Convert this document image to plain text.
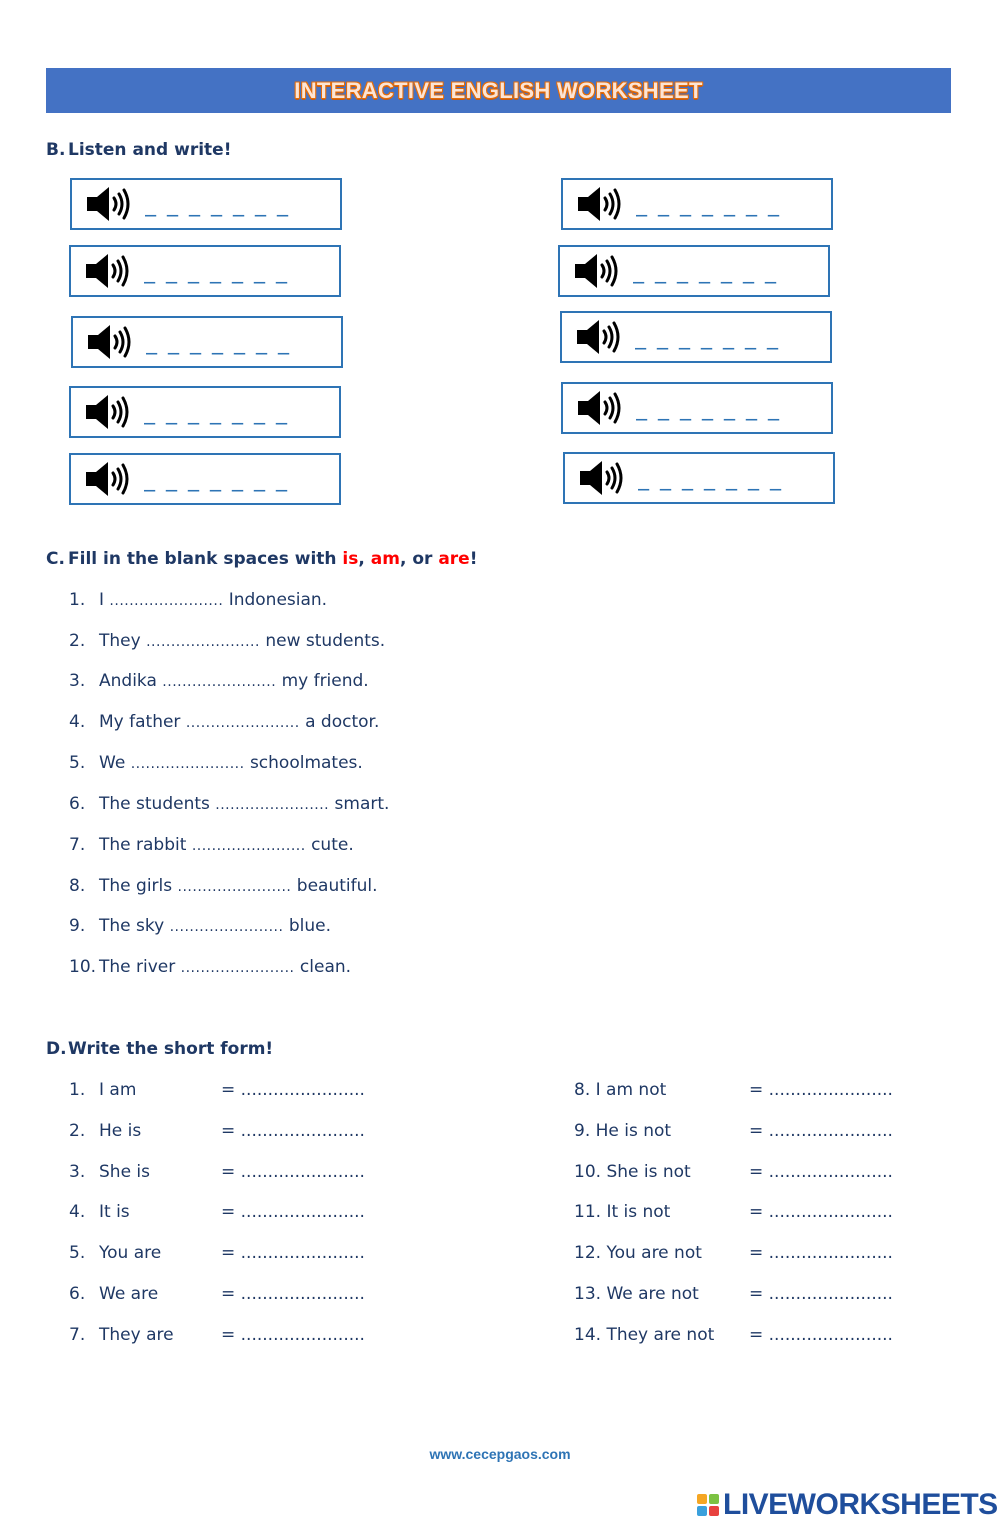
INTERACTIVE ENGLISH WORKSHEET
B. Listen and write!
_ _ _ _ _ _ _
_ _ _ _ _ _ _
_ _ _ _ _ _ _
_ _ _ _ _ _ _
_ _ _ _ _ _ _
_ _ _ _ _ _ _
_ _ _ _ _ _ _
_ _ _ _ _ _ _
_ _ _ _ _ _ _
_ _ _ _ _ _ _
C. Fill in the blank spaces with is, am, or are!
1. I ....................... Indonesian.
2. They ....................... new students.
3. Andika ....................... my friend.
4. My father ....................... a doctor.
5. We ....................... schoolmates.
6. The students ....................... smart.
7. The rabbit ....................... cute.
8. The girls ....................... beautiful.
9. The sky ....................... blue.
10. The river ....................... clean.
D.Write the short form!
1. I am	= .......................
2. He is	= .......................
3. She is	= .......................
4. It is	= .......................
5. You are	= .......................
6. We are	= .......................
7. They are	= .......................
8. I am not	= .......................
9. He is not	= .......................
10. She is not	= .......................
11. It is not	= .......................
12. You are not	= .......................
13. We are not	= .......................
14. They are not = .......................
www.cecepgaos.com
LIVEWORKSHEETS
